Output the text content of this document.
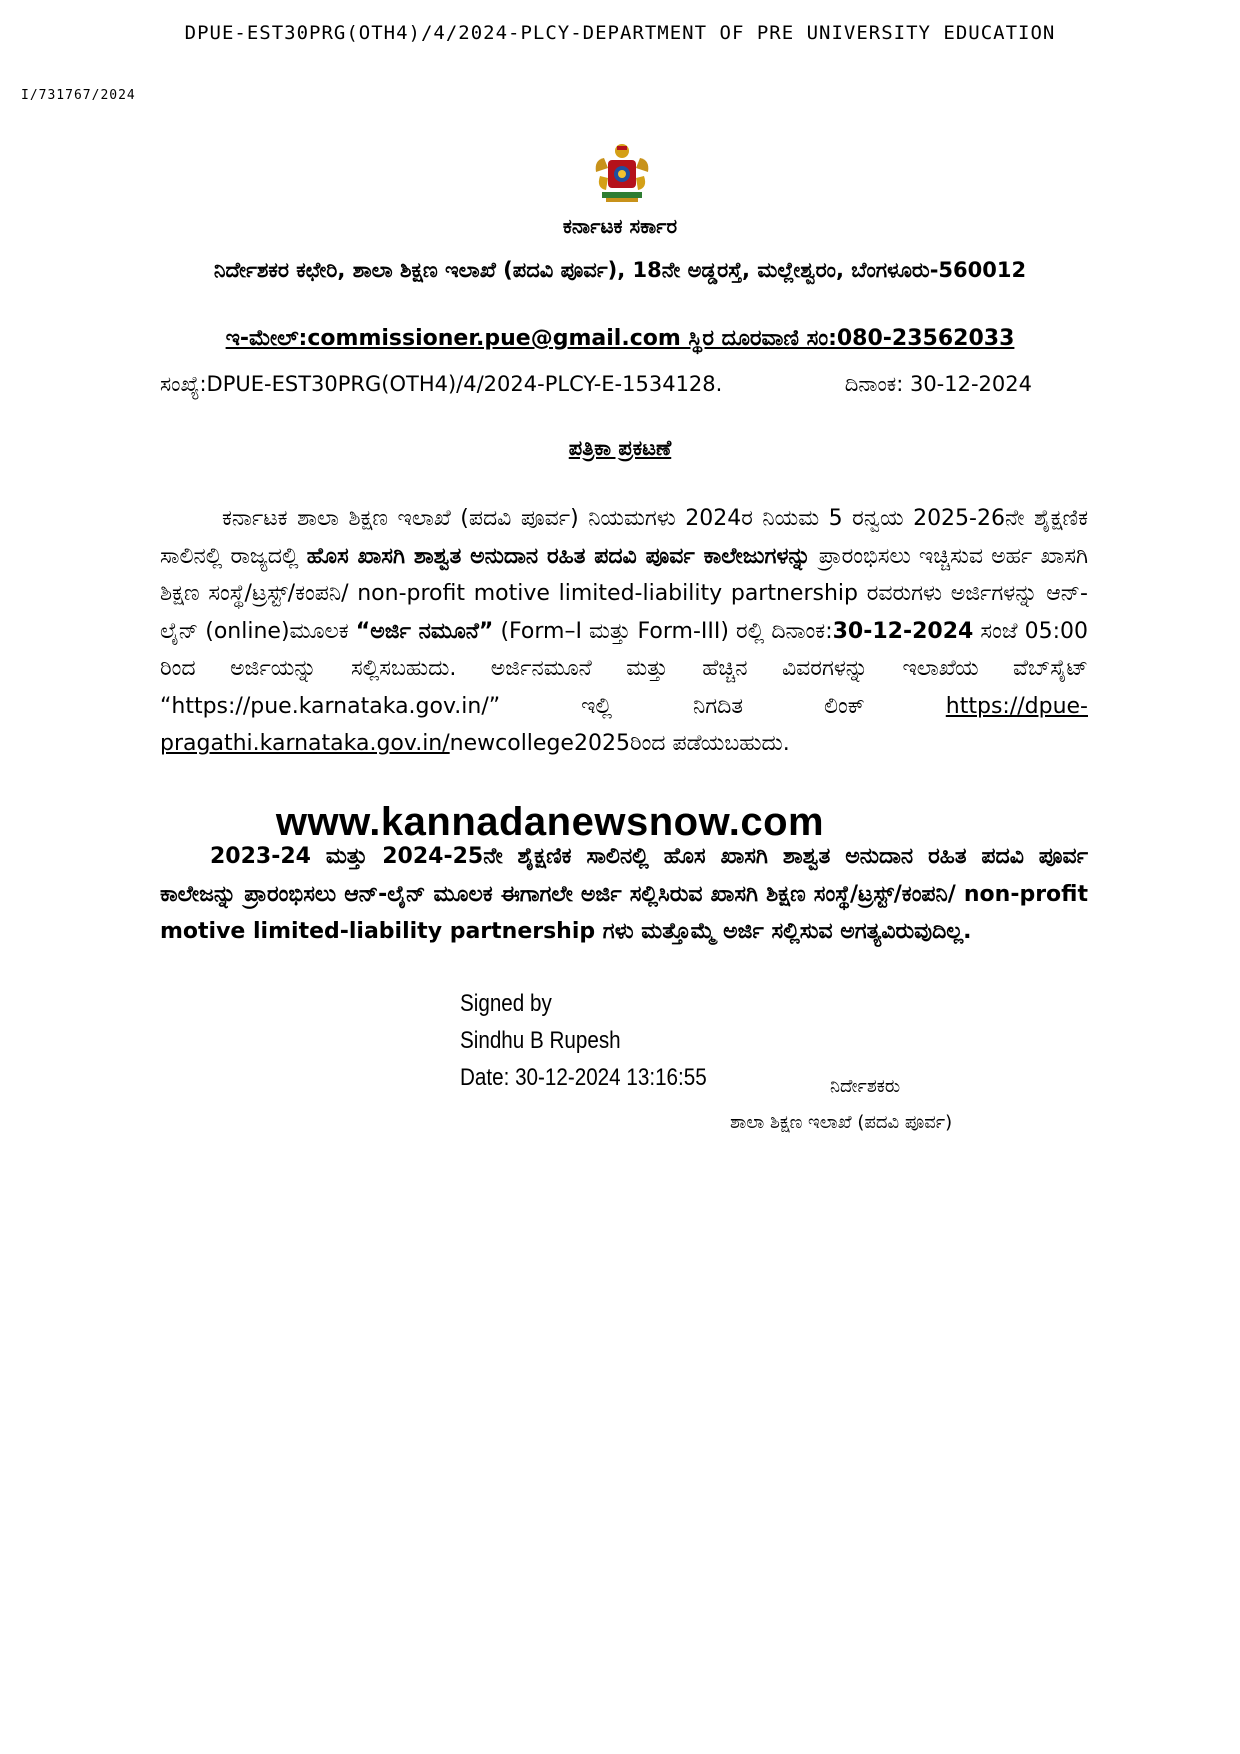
DPUE-EST30PRG(OTH4)/4/2024-PLCY-DEPARTMENT OF PRE UNIVERSITY EDUCATION
I/731767/2024
ಕರ್ನಾಟಕ ಸರ್ಕಾರ
ನಿರ್ದೇಶಕರ ಕಛೇರಿ, ಶಾಲಾ ಶಿಕ್ಷಣ ಇಲಾಖೆ (ಪದವಿ ಪೂರ್ವ), 18ನೇ ಅಡ್ಡರಸ್ತೆ, ಮಲ್ಲೇಶ್ವರಂ, ಬೆಂಗಳೂರು-560012
ಇ-ಮೇಲ್:commissioner.pue@gmail.com ಸ್ಥಿರ ದೂರವಾಣಿ ಸಂ:080-23562033
ಸಂಖ್ಯೆ:DPUE-EST30PRG(OTH4)/4/2024-PLCY-E-1534128.	ದಿನಾಂಕ: 30-12-2024
ಪತ್ರಿಕಾ ಪ್ರಕಟಣೆ

ಕರ್ನಾಟಕ ಶಾಲಾ ಶಿಕ್ಷಣ ಇಲಾಖೆ (ಪದವಿ ಪೂರ್ವ) ನಿಯಮಗಳು 2024ರ ನಿಯಮ 5 ರನ್ವಯ 2025-26ನೇ ಶೈಕ್ಷಣಿಕ ಸಾಲಿನಲ್ಲಿ ರಾಜ್ಯದಲ್ಲಿ ಹೊಸ ಖಾಸಗಿ ಶಾಶ್ವತ ಅನುದಾನ ರಹಿತ ಪದವಿ ಪೂರ್ವ ಕಾಲೇಜುಗಳನ್ನು ಪ್ರಾರಂಭಿಸಲು ಇಚ್ಚಿಸುವ ಅರ್ಹ ಖಾಸಗಿ ಶಿಕ್ಷಣ ಸಂಸ್ಥೆ/ಟ್ರಸ್ಟ್/ಕಂಪನಿ/ non-profit motive limited-liability partnership ರವರುಗಳು ಅರ್ಜಿಗಳನ್ನು ಆನ್-ಲೈನ್ (online)ಮೂಲಕ “ಅರ್ಜಿ ನಮೂನೆ” (Form–I ಮತ್ತು Form-III) ರಲ್ಲಿ ದಿನಾಂಕ:30-12-2024 ಸಂಜೆ 05:00 ರಿಂದ ಅರ್ಜಿಯನ್ನು ಸಲ್ಲಿಸಬಹುದು. ಅರ್ಜಿನಮೂನೆ ಮತ್ತು ಹೆಚ್ಚಿನ ವಿವರಗಳನ್ನು ಇಲಾಖೆಯ ವೆಬ್‌ಸೈಟ್ “https://pue.karnataka.gov.in/” ಇಲ್ಲಿ ನಿಗದಿತ ಲಿಂಕ್ https://dpue-pragathi.karnataka.gov.in/newcollege2025ರಿಂದ ಪಡೆಯಬಹುದು.

www.kannadanewsnow.com

2023-24 ಮತ್ತು 2024-25ನೇ ಶೈಕ್ಷಣಿಕ ಸಾಲಿನಲ್ಲಿ ಹೊಸ ಖಾಸಗಿ ಶಾಶ್ವತ ಅನುದಾನ ರಹಿತ ಪದವಿ ಪೂರ್ವ ಕಾಲೇಜನ್ನು ಪ್ರಾರಂಭಿಸಲು ಆನ್-ಲೈನ್ ಮೂಲಕ ಈಗಾಗಲೇ ಅರ್ಜಿ ಸಲ್ಲಿಸಿರುವ ಖಾಸಗಿ ಶಿಕ್ಷಣ ಸಂಸ್ಥೆ/ಟ್ರಸ್ಟ್/ಕಂಪನಿ/ non-profit motive limited-liability partnership ಗಳು ಮತ್ತೊಮ್ಮೆ ಅರ್ಜಿ ಸಲ್ಲಿಸುವ ಅಗತ್ಯವಿರುವುದಿಲ್ಲ.

Signed by
Sindhu B Rupesh
Date: 30-12-2024 13:16:55	ನಿರ್ದೇಶಕರು
ಶಾಲಾ ಶಿಕ್ಷಣ ಇಲಾಖೆ (ಪದವಿ ಪೂರ್ವ)
